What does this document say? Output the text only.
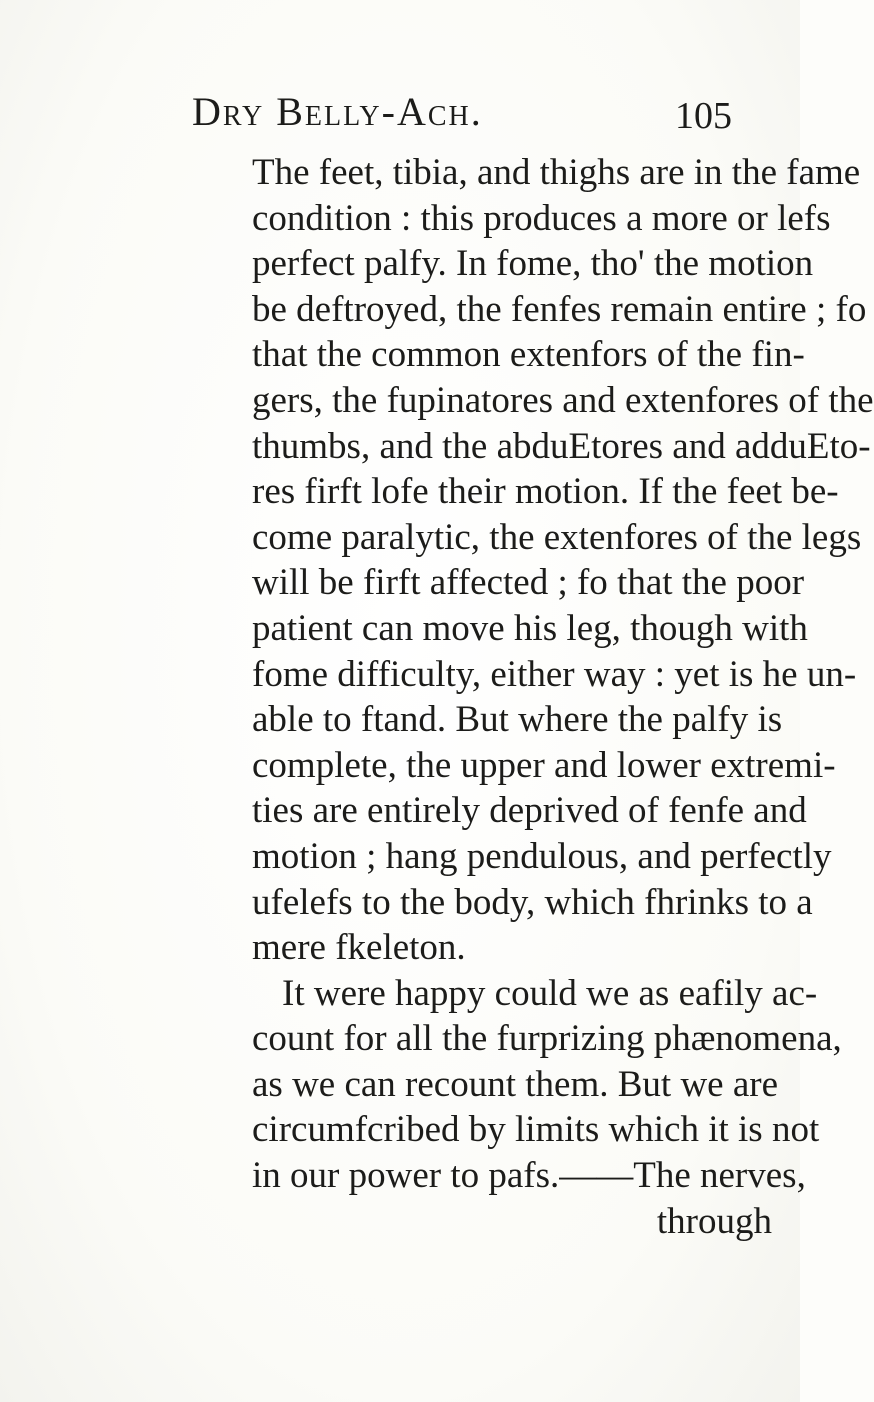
Dry Belly-Ach.	105
The feet, tibia, and thighs are in the fame
condition : this produces a more or lefs
perfect palfy. In fome, tho' the motion
be deftroyed, the fenfes remain entire ; fo
that the common extenfors of the fin-
gers, the fupinatores and extenfores of the
thumbs, and the abduEtores and adduEto-
res firft lofe their motion. If the feet be-
come paralytic, the extenfores of the legs
will be firft affected ; fo that the poor
patient can move his leg, though with
fome difficulty, either way : yet is he un-
able to ftand. But where the palfy is
complete, the upper and lower extremi-
ties are entirely deprived of fenfe and
motion ; hang pendulous, and perfectly
ufelefs to the body, which fhrinks to a
mere fkeleton.
It were happy could we as eafily ac-
count for all the furprizing phænomena,
as we can recount them. But we are
circumfcribed by limits which it is not
in our power to pafs.——The nerves,
through
